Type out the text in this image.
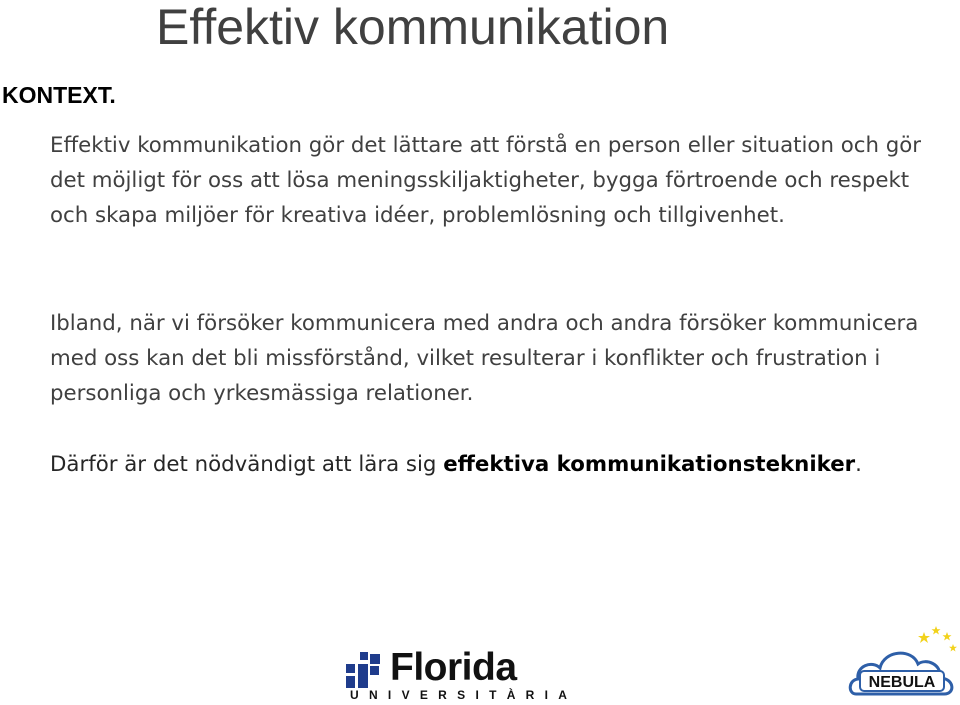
Effektiv kommunikation
KONTEXT.

Effektiv kommunikation gör det lättare att förstå en person eller situation och gör det möjligt för oss att lösa meningsskiljaktigheter, bygga förtroende och respekt och skapa miljöer för kreativa idéer, problemlösning och tillgivenhet.

Ibland, när vi försöker kommunicera med andra och andra försöker kommunicera med oss kan det bli missförstånd, vilket resulterar i konflikter och frustration i personliga och yrkesmässiga relationer.

Därför är det nödvändigt att lära sig effektiva kommunikationstekniker.

Florida
UNIVERSITÀRIA
NEBULA
